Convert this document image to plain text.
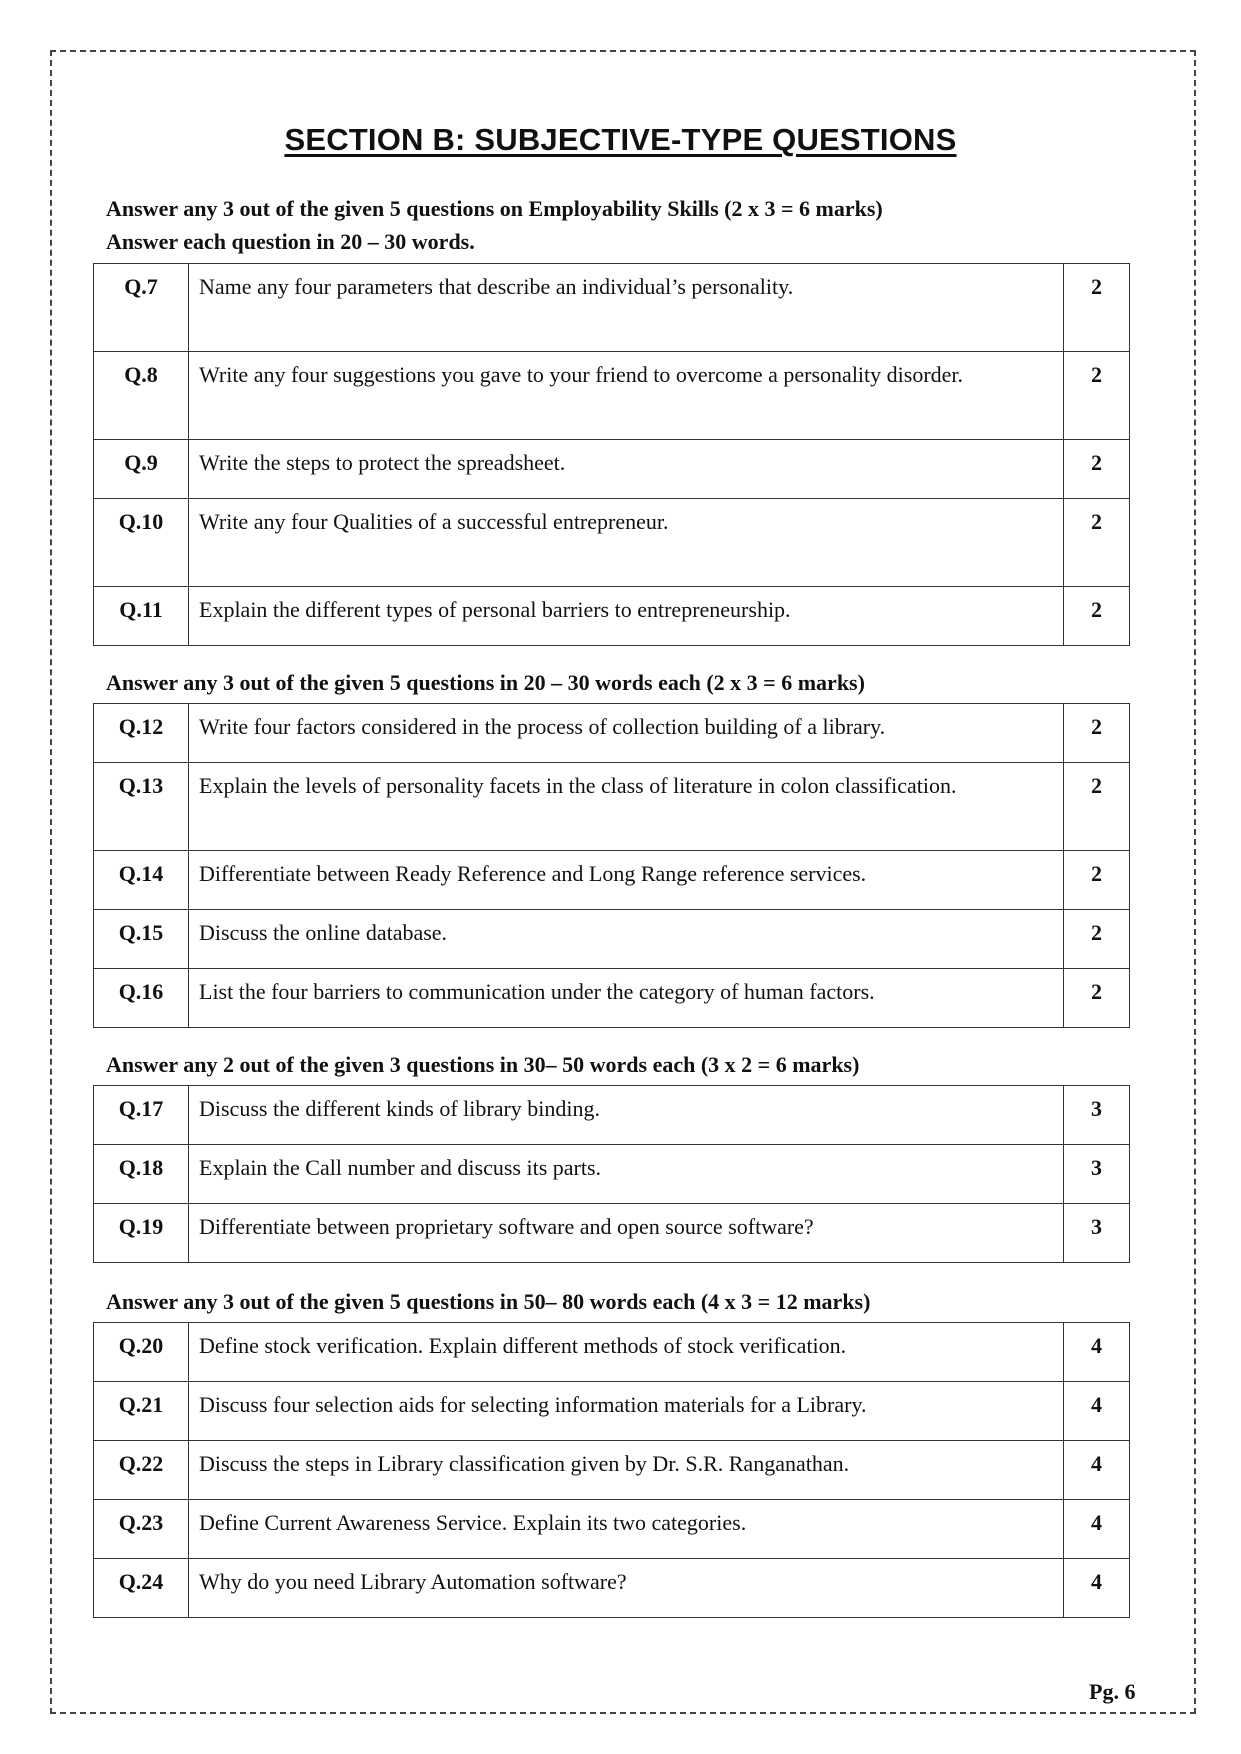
SECTION B: SUBJECTIVE-TYPE QUESTIONS
Answer any 3 out of the given 5 questions on Employability Skills (2 x 3 = 6 marks)
Answer each question in 20 – 30 words.
Q.7	Name any four parameters that describe an individual’s personality.	2
Q.8	Write any four suggestions you gave to your friend to overcome a personality disorder.	2
Q.9	Write the steps to protect the spreadsheet.	2
Q.10	Write any four Qualities of a successful entrepreneur.	2
Q.11	Explain the different types of personal barriers to entrepreneurship.	2
Answer any 3 out of the given 5 questions in 20 – 30 words each (2 x 3 = 6 marks)
Q.12	Write four factors considered in the process of collection building of a library.	2
Q.13	Explain the levels of personality facets in the class of literature in colon classification.	2
Q.14	Differentiate between Ready Reference and Long Range reference services.	2
Q.15	Discuss the online database.	2
Q.16	List the four barriers to communication under the category of human factors.	2
Answer any 2 out of the given 3 questions in 30– 50 words each (3 x 2 = 6 marks)
Q.17	Discuss the different kinds of library binding.	3
Q.18	Explain the Call number and discuss its parts.	3
Q.19	Differentiate between proprietary software and open source software?	3
Answer any 3 out of the given 5 questions in 50– 80 words each (4 x 3 = 12 marks)
Q.20	Define stock verification. Explain different methods of stock verification.	4
Q.21	Discuss four selection aids for selecting information materials for a Library.	4
Q.22	Discuss the steps in Library classification given by Dr. S.R. Ranganathan.	4
Q.23	Define Current Awareness Service. Explain its two categories.	4
Q.24	Why do you need Library Automation software?	4
Pg. 6
